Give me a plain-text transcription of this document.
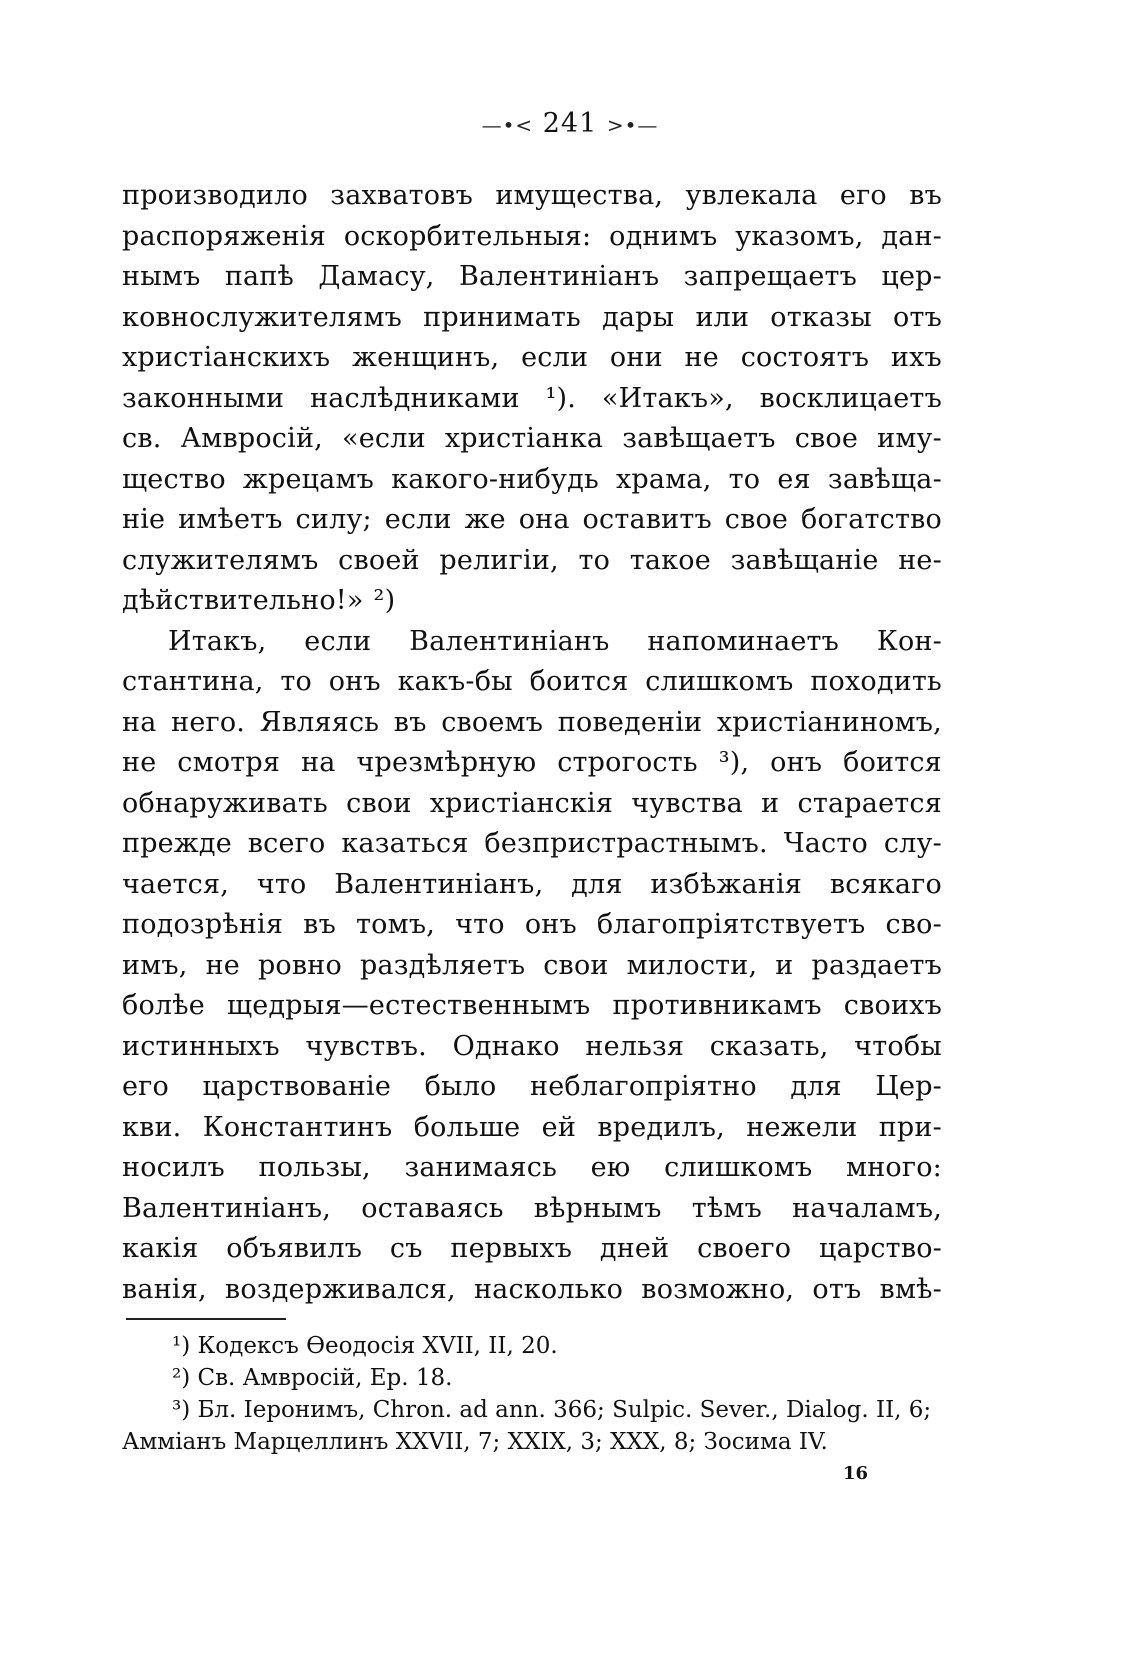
—•< 241 >•—
производило захватовъ имущества, увлекала его въ
распоряженія оскорбительныя: однимъ указомъ, дан-
нымъ папѣ Дамасу, Валентиніанъ запрещаетъ цер-
ковнослужителямъ принимать дары или отказы отъ
христіанскихъ женщинъ, если они не состоятъ ихъ
законными наслѣдниками ¹). «Итакъ», восклицаетъ
св. Амвросій, «если христіанка завѣщаетъ свое иму-
щество жрецамъ какого-нибудь храма, то ея завѣща-
ніе имѣетъ силу; если же она оставитъ свое богатство
служителямъ своей религіи, то такое завѣщаніе не-
дѣйствительно!» ²)
Итакъ, если Валентиніанъ напоминаетъ Кон-
стантина, то онъ какъ-бы боится слишкомъ походить
на него. Являясь въ своемъ поведеніи христіаниномъ,
не смотря на чрезмѣрную строгость ³), онъ боится
обнаруживать свои христіанскія чувства и старается
прежде всего казаться безпристрастнымъ. Часто слу-
чается, что Валентиніанъ, для избѣжанія всякаго
подозрѣнія въ томъ, что онъ благопріятствуетъ сво-
имъ, не ровно раздѣляетъ свои милости, и раздаетъ
болѣе щедрыя—естественнымъ противникамъ своихъ
истинныхъ чувствъ. Однако нельзя сказать, чтобы
его царствованіе было неблагопріятно для Цер-
кви. Константинъ больше ей вредилъ, нежели при-
носилъ пользы, занимаясь ею слишкомъ много:
Валентиніанъ, оставаясь вѣрнымъ тѣмъ началамъ,
какія объявилъ съ первыхъ дней своего царство-
ванія, воздерживался, насколько возможно, отъ вмѣ-
¹) Кодексъ Ѳеодосія XVII, II, 20.
²) Св. Амвросій, Ep. 18.
³) Бл. Іеронимъ, Chron. ad ann. 366; Sulpic. Sever., Dialog. II, 6;
Амміанъ Марцеллинъ XXVII, 7; XXIX, 3; XXX, 8; Зосима IV.
16
